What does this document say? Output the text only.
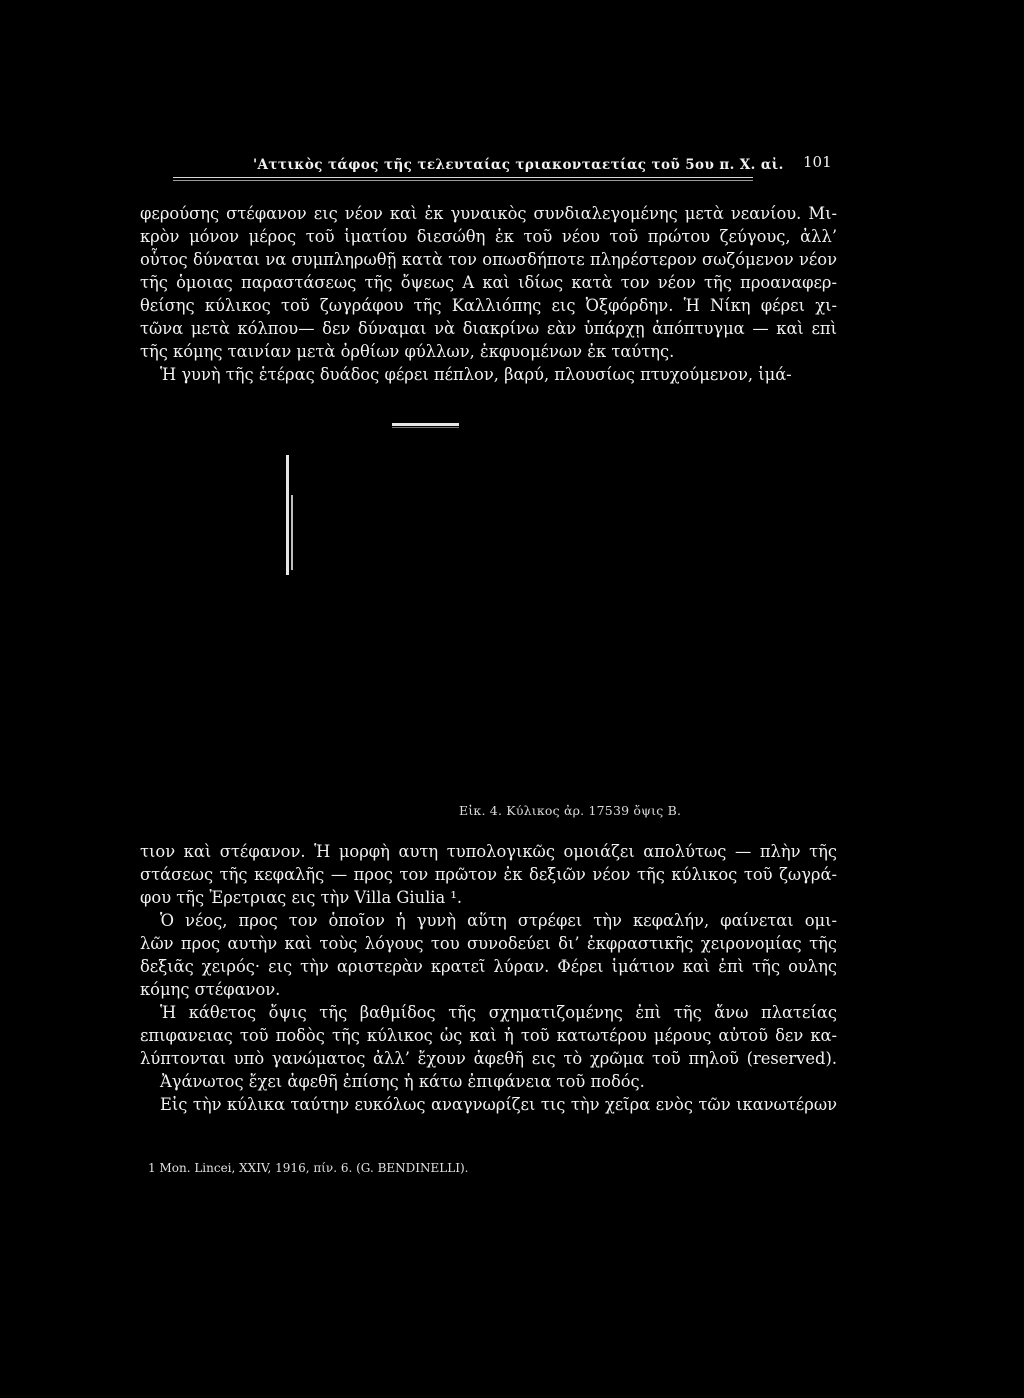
'Αττικὸς τάφος τῆς τελευταίας τριακονταετίας τοῦ 5ου π. Χ. αἰ. 101
φερούσης στέφανον εις νέον καὶ ἐκ γυναικὸς συνδιαλεγομένης μετὰ νεανίου. Μι-
κρὸν μόνον μέρος τοῦ ἱματίου διεσώθη ἐκ τοῦ νέου τοῦ πρώτου ζεύγους, ἀλλ’
οὗτος δύναται να συμπληρωθῇ κατὰ τον οπωσδήποτε πληρέστερον σωζόμενον νέον
τῆς ὁμοιας παραστάσεως τῆς ὄψεως Α καὶ ιδίως κατὰ τον νέον τῆς προαναφερ-
θείσης κύλικος τοῦ ζωγράφου τῆς Καλλιόπης εις Ὀξφόρδην. Ἡ Νίκη φέρει χι-
τῶνα μετὰ κόλπου— δεν δύναμαι νὰ διακρίνω εὰν ὑπάρχῃ ἀπόπτυγμα — καὶ επὶ
τῆς κόμης ταινίαν μετὰ ὀρθίων φύλλων, ἐκφυομένων ἐκ ταύτης.
Ἡ γυνὴ τῆς ἑτέρας δυάδος φέρει πέπλον, βαρύ, πλουσίως πτυχούμενον, ἱμά-
Εἰκ. 4. Κύλικος ἀρ. 17539 ὄψις Β.
τιον καὶ στέφανον. Ἡ μορφὴ αυτη τυπολογικῶς ομοιάζει απολύτως — πλὴν τῆς
στάσεως τῆς κεφαλῆς — προς τον πρῶτον ἐκ δεξιῶν νέον τῆς κύλικος τοῦ ζωγρά-
φου τῆς Ἐρετριας εις τὴν Villa Giulia ¹.
Ὁ νέος, προς τον ὁποῖον ἡ γυνὴ αὕτη στρέφει τὴν κεφαλήν, φαίνεται ομι-
λῶν προς αυτὴν καὶ τοὺς λόγους του συνοδεύει δι’ ἐκφραστικῆς χειρονομίας τῆς
δεξιᾶς χειρός· εις τὴν αριστερὰν κρατεῖ λύραν. Φέρει ἱμάτιον καὶ ἐπὶ τῆς ουλης
κόμης στέφανον.
Ἡ κάθετος ὄψις τῆς βαθμίδος τῆς σχηματιζομένης ἐπὶ τῆς ἄνω πλατείας
επιφανειας τοῦ ποδὸς τῆς κύλικος ὡς καὶ ἡ τοῦ κατωτέρου μέρους αὐτοῦ δεν κα-
λύπτονται υπὸ γανώματος ἀλλ’ ἔχουν ἀφεθῆ εις τὸ χρῶμα τοῦ πηλοῦ (reserved).
Ἀγάνωτος ἔχει ἀφεθῆ ἐπίσης ἡ κάτω ἐπιφάνεια τοῦ ποδός.
Εἰς τὴν κύλικα ταύτην ευκόλως αναγνωρίζει τις τὴν χεῖρα ενὸς τῶν ικανωτέρων
1 Mon. Lincei, XXIV, 1916, πίν. 6. (G. BENDINELLI).
